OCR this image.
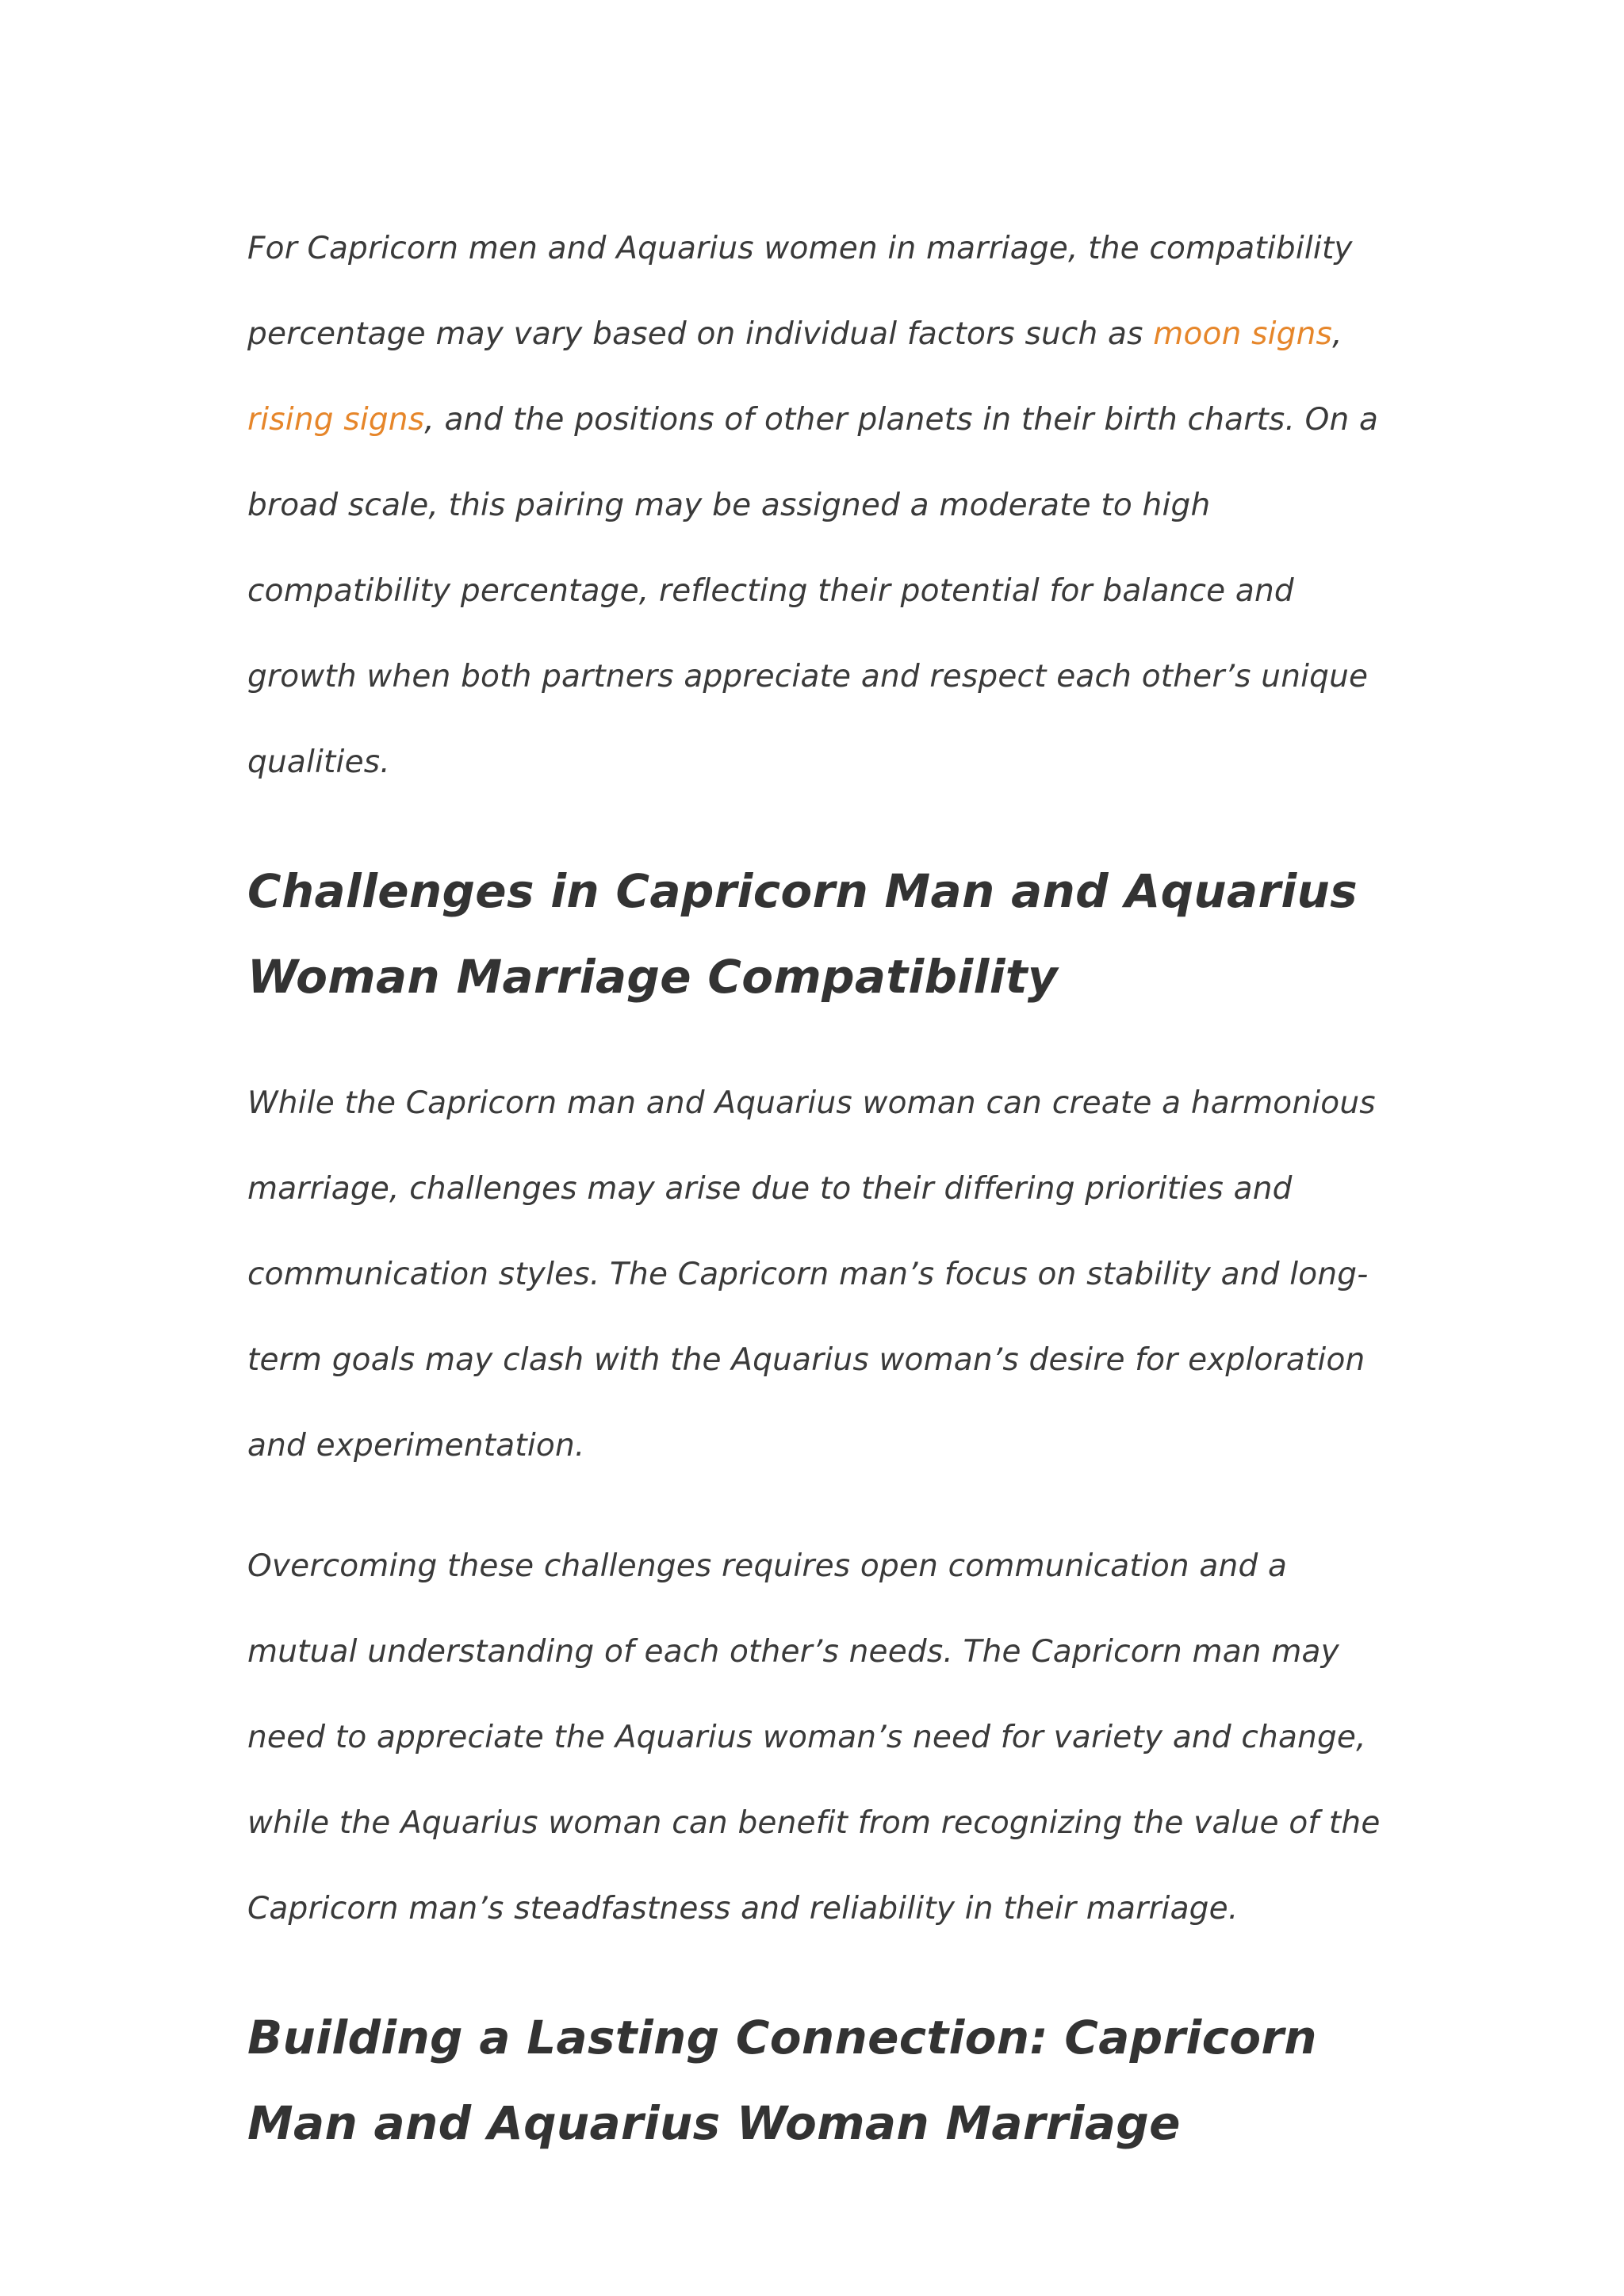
For Capricorn men and Aquarius women in marriage, the compatibility percentage may vary based on individual factors such as moon signs, rising signs, and the positions of other planets in their birth charts. On a broad scale, this pairing may be assigned a moderate to high compatibility percentage, reflecting their potential for balance and growth when both partners appreciate and respect each other’s unique qualities.

Challenges in Capricorn Man and Aquarius Woman Marriage Compatibility

While the Capricorn man and Aquarius woman can create a harmonious marriage, challenges may arise due to their differing priorities and communication styles. The Capricorn man’s focus on stability and long-term goals may clash with the Aquarius woman’s desire for exploration and experimentation.

Overcoming these challenges requires open communication and a mutual understanding of each other’s needs. The Capricorn man may need to appreciate the Aquarius woman’s need for variety and change, while the Aquarius woman can benefit from recognizing the value of the Capricorn man’s steadfastness and reliability in their marriage.

Building a Lasting Connection: Capricorn Man and Aquarius Woman Marriage
